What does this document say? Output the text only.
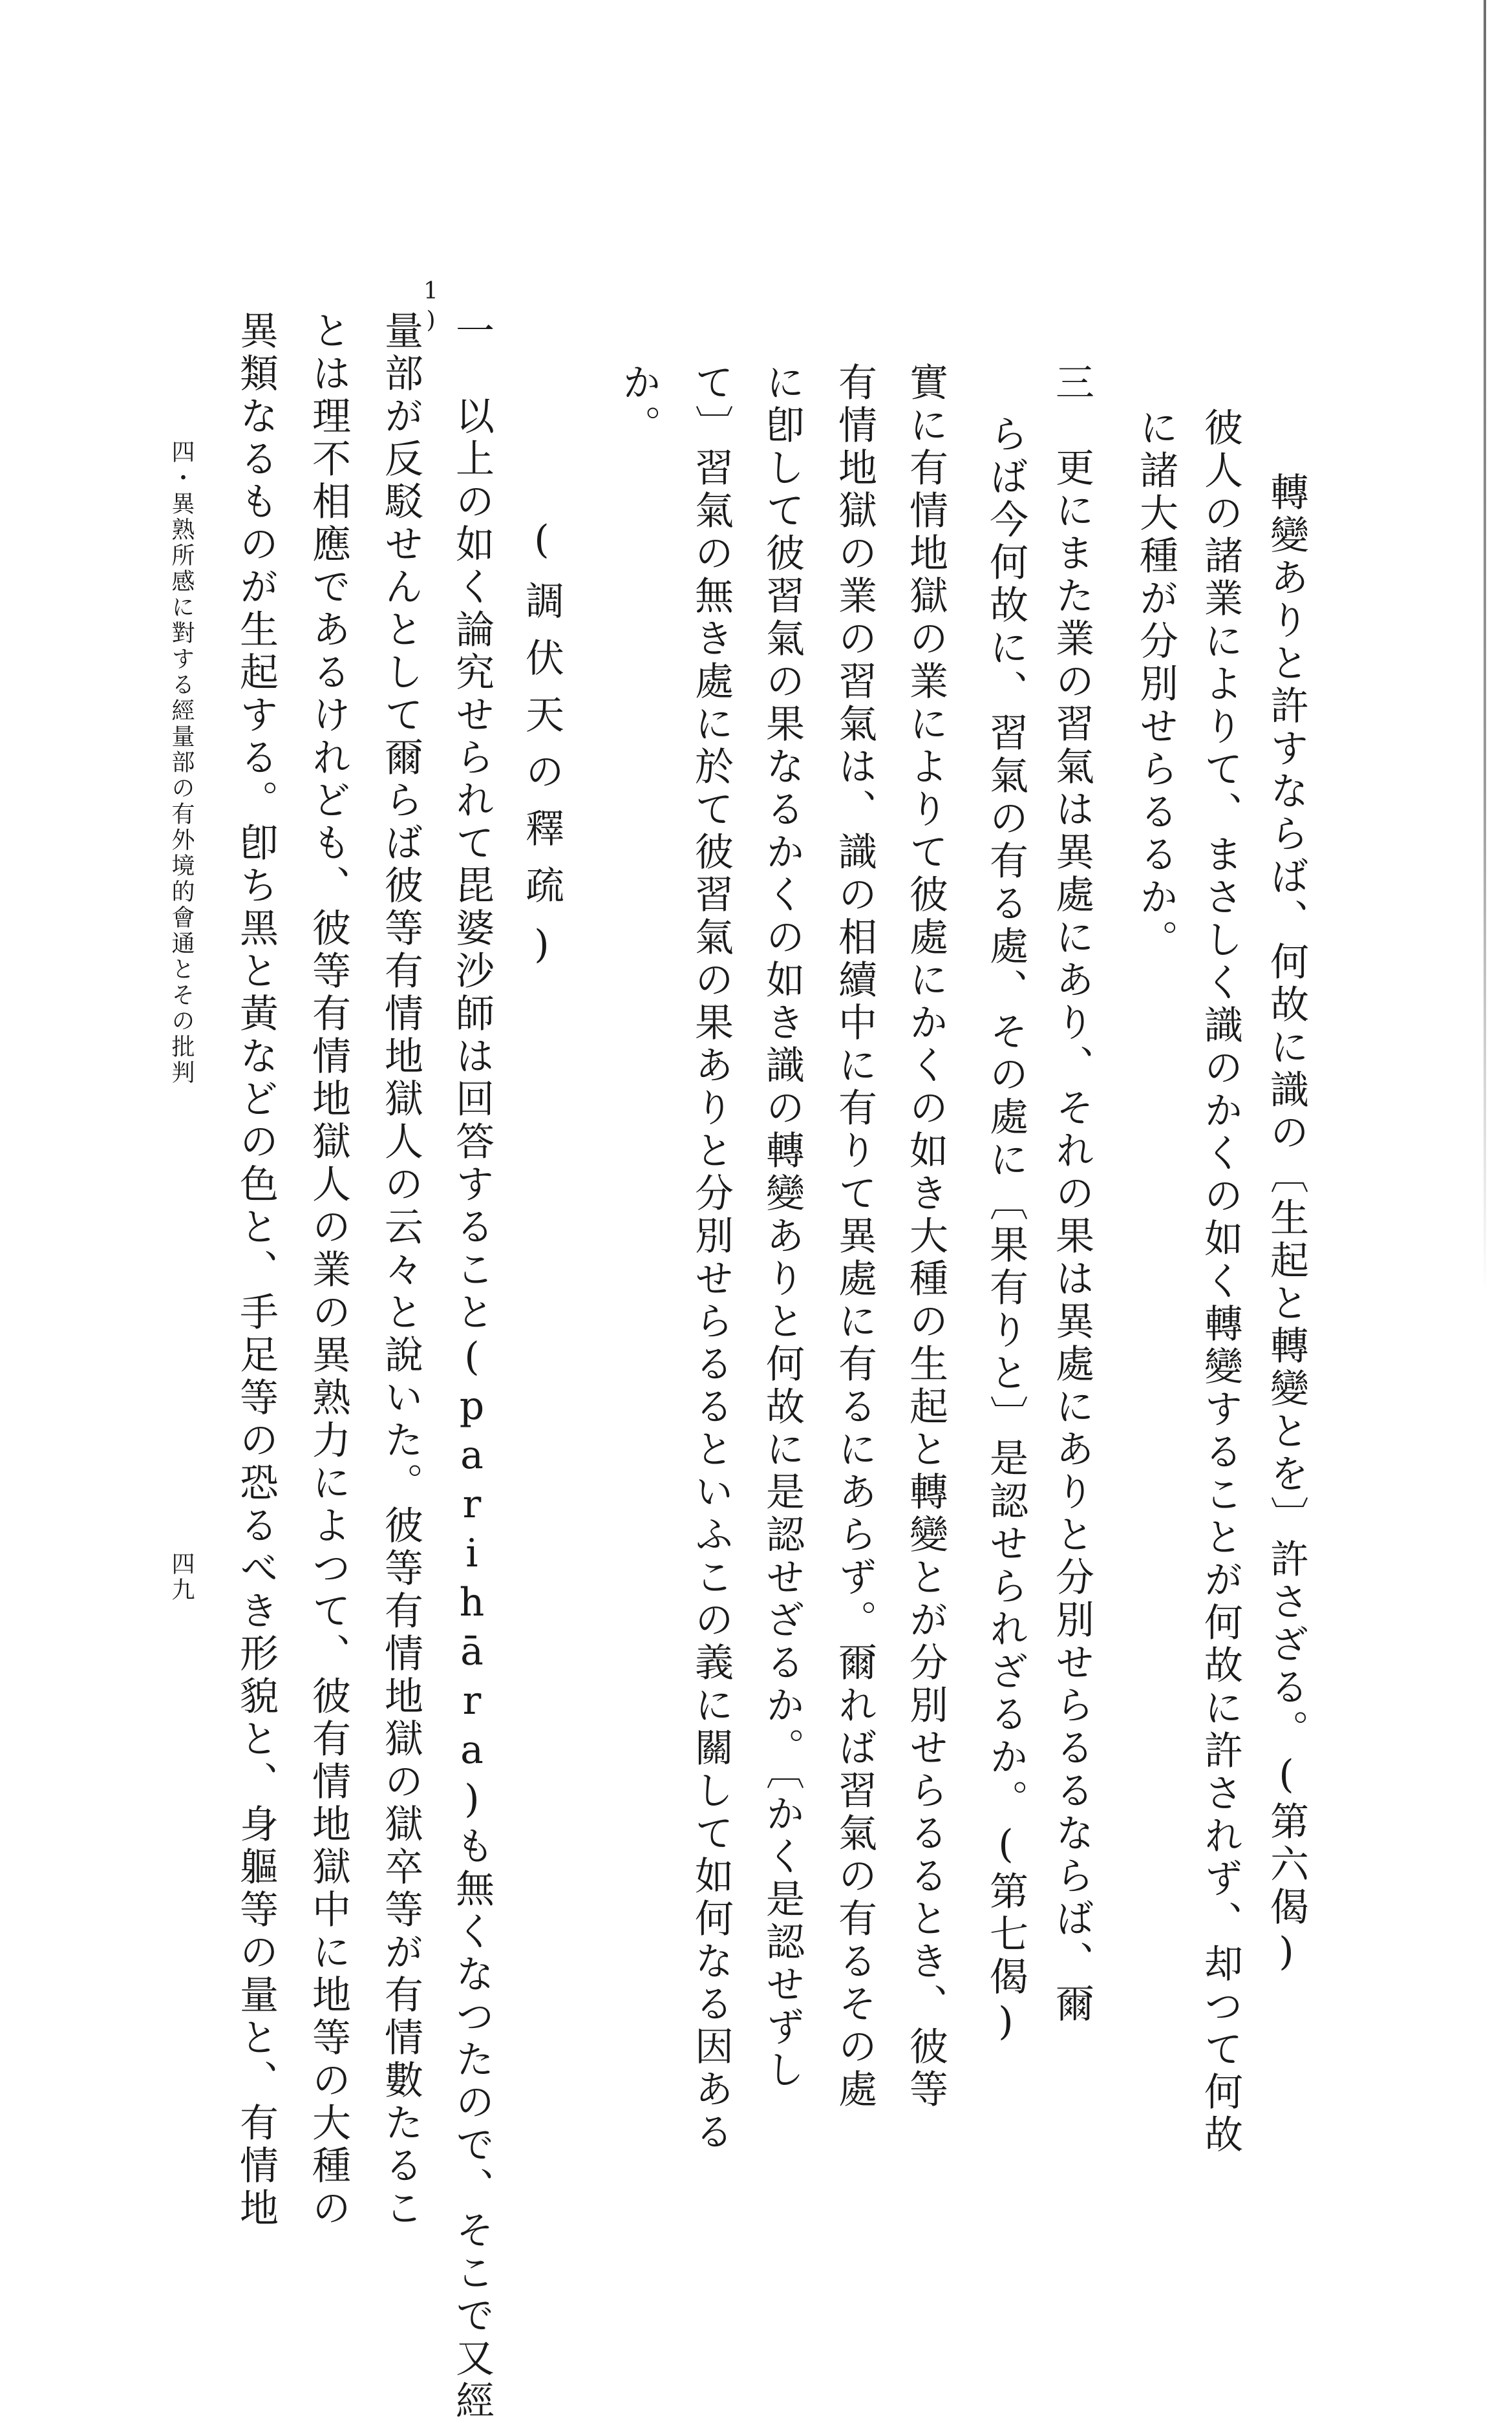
轉變ありと許すならば、何故に識の〔生起と轉變とを〕許さざる。(第六偈)
彼人の諸業によりて、まさしく識のかくの如く轉變することが何故に許されず、却つて何故
に諸大種が分別せらるるか。
三　更にまた業の習氣は異處にあり、それの果は異處にありと分別せらるるならば、爾
らば今何故に、習氣の有る處、その處に〔果有りと〕是認せられざるか。(第七偈)
實に有情地獄の業によりて彼處にかくの如き大種の生起と轉變とが分別せらるるとき、彼等
有情地獄の業の習氣は、識の相續中に有りて異處に有るにあらず。爾れば習氣の有るその處
に卽して彼習氣の果なるかくの如き識の轉變ありと何故に是認せざるか。〔かく是認せずし
て〕習氣の無き處に於て彼習氣の果ありと分別せらるるといふこの義に關して如何なる因ある
か。
(調伏天の釋疏)
一　以上の如く論究せられて毘婆沙師は回答すること(parihāra)も無くなつたので、そこで又經
1)
量部が反駁せんとして爾らば彼等有情地獄人の云々と說いた。彼等有情地獄の獄卒等が有情數たるこ
とは理不相應であるけれども、彼等有情地獄人の業の異熟力によつて、彼有情地獄中に地等の大種の
異類なるものが生起する。卽ち黑と黃などの色と、手足等の恐るべき形貌と、身軀等の量と、有情地
四・異熟所感に對する經量部の有外境的會通とその批判
四九
